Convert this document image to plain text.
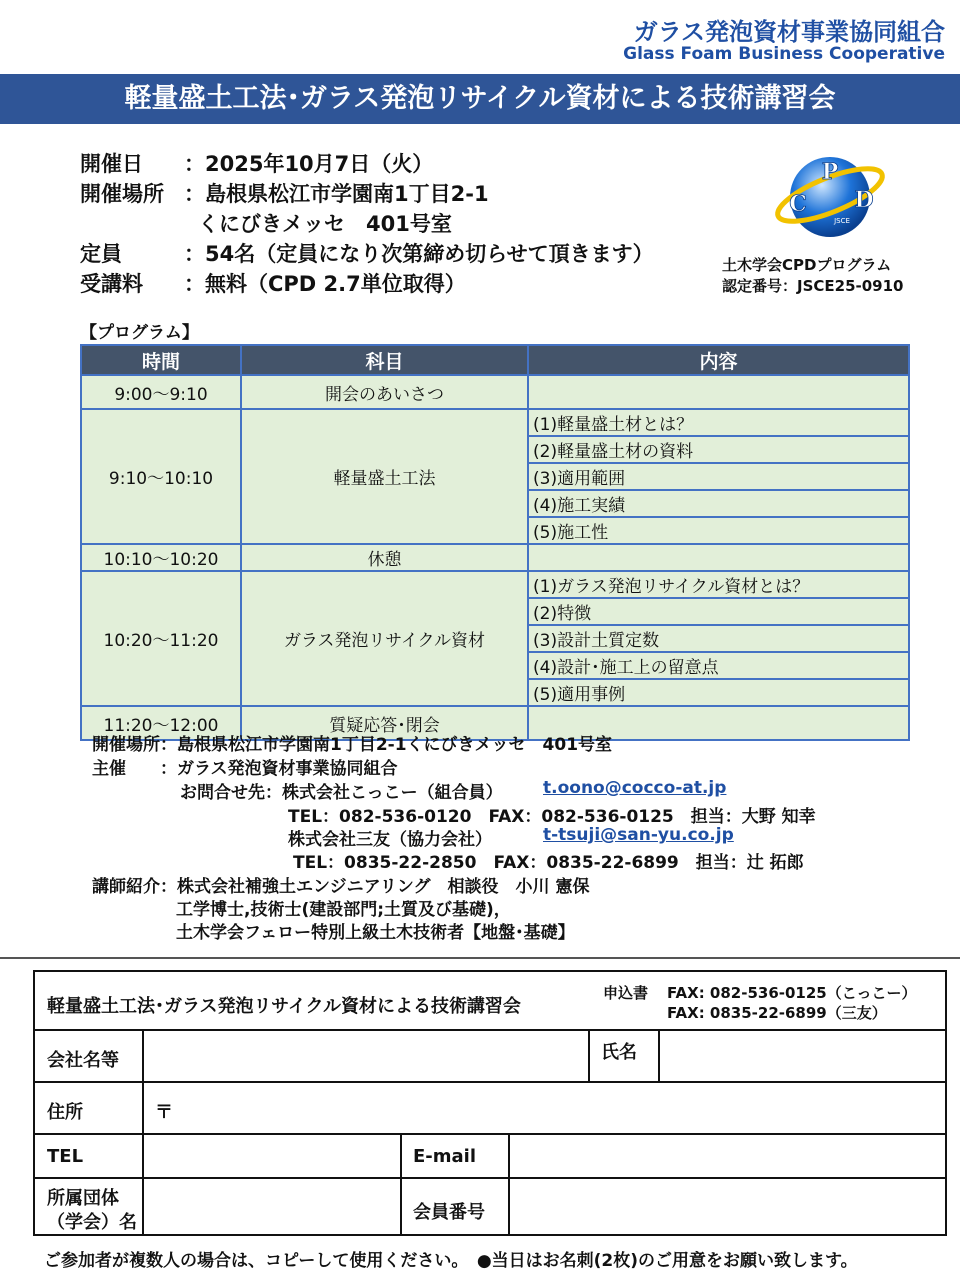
ガラス発泡資材事業協同組合
Glass Foam Business Cooperative
軽量盛土工法･ガラス発泡リサイクル資材による技術講習会
開催日 ：2025年10月7日（火）
開催場所 ：島根県松江市学園南1丁目2-1
くにびきメッセ　401号室
定員	：54名（定員になり次第締め切らせて頂きます）
受講料 ：無料（CPD 2.7単位取得）
P
C D
JSCE
土木学会CPDプログラム
認定番号：JSCE25-0910
【プログラム】
時間	科目	内容
9:00～9:10	開会のあいさつ	
9:10～10:10	軽量盛土工法	(1)軽量盛土材とは？
		(2)軽量盛土材の資料
		(3)適用範囲
		(4)施工実績
		(5)施工性
10:10～10:20	休憩	
10:20～11:20	ガラス発泡リサイクル資材	(1)ガラス発泡リサイクル資材とは？
		(2)特徴
		(3)設計土質定数
		(4)設計･施工上の留意点
		(5)適用事例
11:20～12:00	質疑応答･閉会	
開催場所：島根県松江市学園南1丁目2-1くにびきメッセ　401号室
主催　　：ガラス発泡資材事業協同組合
お問合せ先：株式会社こっこー（組合員） t.oono@cocco-at.jp
TEL：082-536-0120　FAX：082-536-0125　担当：大野 知幸
株式会社三友（協力会社）	t-tsuji@san-yu.co.jp
TEL：0835-22-2850　FAX：0835-22-6899　担当：辻 拓郎
講師紹介：株式会社補強土エンジニアリング　相談役　小川 憲保
工学博士,技術士(建設部門;土質及び基礎)，
土木学会フェロー特別上級土木技術者【地盤･基礎】
軽量盛土工法･ガラス発泡リサイクル資材による技術講習会
申込書 FAX: 082-536-0125（こっこー）
FAX: 0835-22-6899（三友）
会社名等	氏名
住所	〒
TEL	E-mail
所属団体
（学会）名	会員番号
ご参加者が複数人の場合は、コピーして使用ください。　●当日はお名刺(2枚)のご用意をお願い致します。
